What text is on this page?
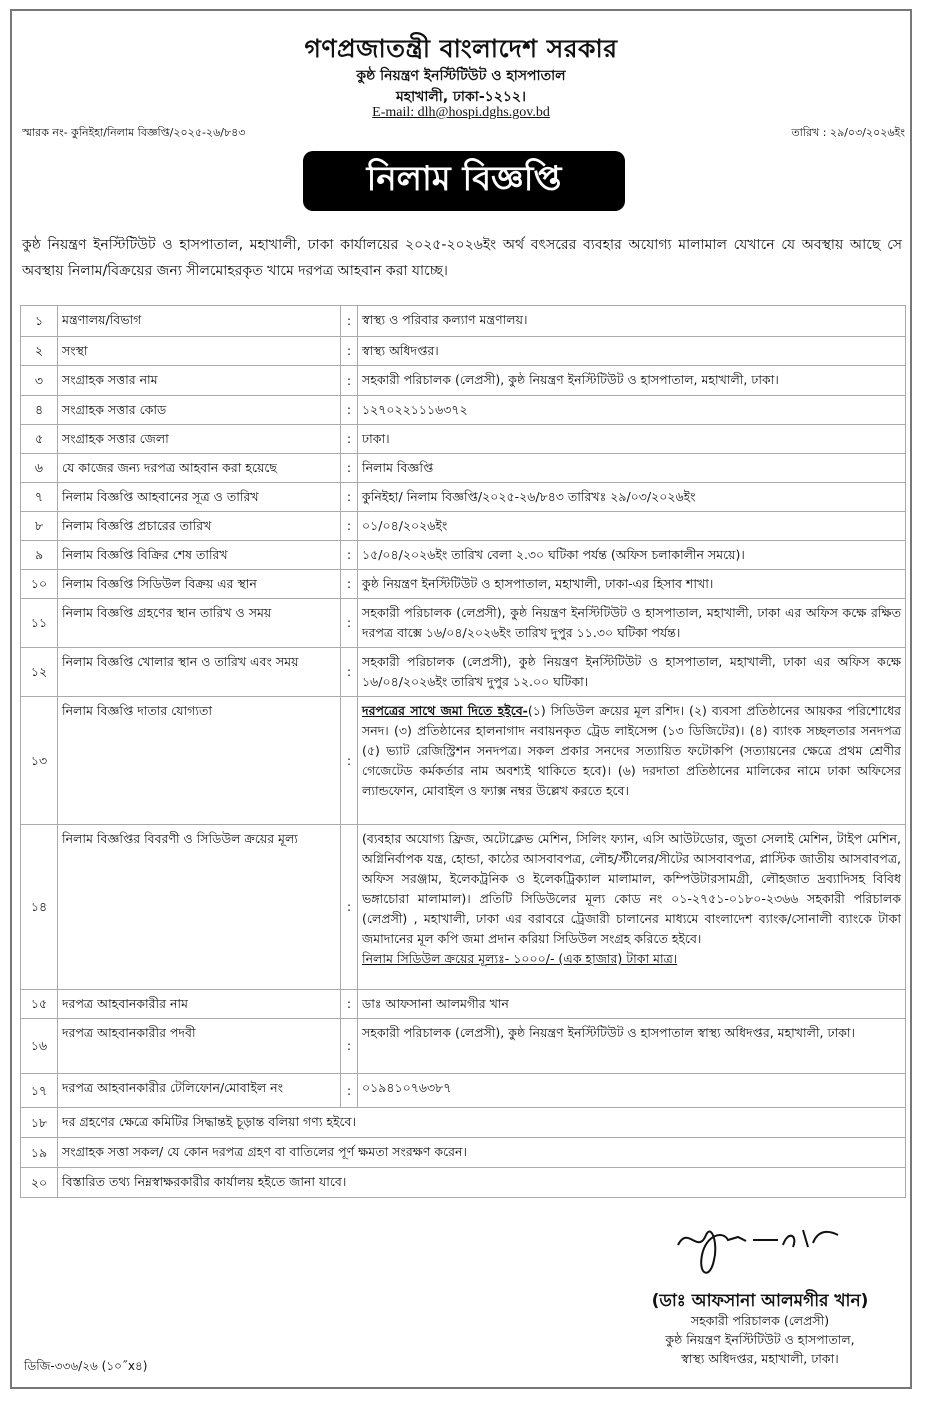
গণপ্রজাতন্ত্রী বাংলাদেশ সরকার
কুষ্ঠ নিয়ন্ত্রণ ইনস্টিটিউট ও হাসপাতাল
মহাখালী, ঢাকা-১২১২।
E-mail: dlh@hospi.dghs.gov.bd
স্মারক নং- কুনিইহা/নিলাম বিজ্ঞপ্তি/২০২৫-২৬/৮৪৩	তারিখ : ২৯/০৩/২০২৬ইং
নিলাম বিজ্ঞপ্তি
কুষ্ঠ নিয়ন্ত্রণ ইনস্টিটিউট ও হাসপাতাল, মহাখালী, ঢাকা কার্যালয়ের ২০২৫-২০২৬ইং অর্থ বৎসরের ব্যবহার অযোগ্য মালামাল যেখানে যে অবস্থায় আছে সে অবস্থায় নিলাম/বিক্রয়ের জন্য সীলমোহরকৃত খামে দরপত্র আহবান করা যাচ্ছে।
১	মন্ত্রণালয়/বিভাগ	:	স্বাস্থ্য ও পরিবার কল্যাণ মন্ত্রণালয়।
২	সংস্থা	:	স্বাস্থ্য অধিদপ্তর।
৩	সংগ্রাহক সত্তার নাম	:	সহকারী পরিচালক (লেপ্রসী), কুষ্ঠ নিয়ন্ত্রণ ইনস্টিটিউট ও হাসপাতাল, মহাখালী, ঢাকা।
৪	সংগ্রাহক সত্তার কোড	:	১২৭০২২১১১৬৩৭২
৫	সংগ্রাহক সত্তার জেলা	:	ঢাকা।
৬	যে কাজের জন্য দরপত্র আহবান করা হয়েছে	:	নিলাম বিজ্ঞপ্তি
৭	নিলাম বিজ্ঞপ্তি আহবানের সূত্র ও তারিখ	:	কুনিইহা/ নিলাম বিজ্ঞপ্তি/২০২৫-২৬/৮৪৩ তারিখঃ ২৯/০৩/২০২৬ইং
৮	নিলাম বিজ্ঞপ্তি প্রচারের তারিখ	:	০১/০৪/২০২৬ইং
৯	নিলাম বিজ্ঞপ্তি বিক্রির শেষ তারিখ	:	১৫/০৪/২০২৬ইং তারিখ বেলা ২.৩০ ঘটিকা পর্যন্ত (অফিস চলাকালীন সময়ে)।
১০	নিলাম বিজ্ঞপ্তি সিডিউল বিক্রয় এর স্থান	:	কুষ্ঠ নিয়ন্ত্রণ ইনস্টিটিউট ও হাসপাতাল, মহাখালী, ঢাকা-এর হিসাব শাখা।
১১	নিলাম বিজ্ঞপ্তি গ্রহণের স্থান তারিখ ও সময়	:	সহকারী পরিচালক (লেপ্রসী), কুষ্ঠ নিয়ন্ত্রণ ইনস্টিটিউট ও হাসপাতাল, মহাখালী, ঢাকা এর অফিস কক্ষে রক্ষিত দরপত্র বাক্সে ১৬/০৪/২০২৬ইং তারিখ দুপুর ১১.৩০ ঘটিকা পর্যন্ত।
১২	নিলাম বিজ্ঞপ্তি খোলার স্থান ও তারিখ এবং সময়	:	সহকারী পরিচালক (লেপ্রসী), কুষ্ঠ নিয়ন্ত্রণ ইনস্টিটিউট ও হাসপাতাল, মহাখালী, ঢাকা এর অফিস কক্ষে ১৬/০৪/২০২৬ইং তারিখ দুপুর ১২.০০ ঘটিকা।
১৩	নিলাম বিজ্ঞপ্তি দাতার যোগ্যতা	:	দরপত্রের সাথে জমা দিতে হইবে-(১) সিডিউল ক্রয়ের মূল রশিদ। (২) ব্যবসা প্রতিষ্ঠানের আয়কর পরিশোধের সনদ। (৩) প্রতিষ্ঠানের হালনাগাদ নবায়নকৃত ট্রেড লাইসেন্স (১৩ ডিজিটের)। (৪) ব্যাংক সচ্ছলতার সনদপত্র (৫) ভ্যাট রেজিস্ট্রিশন সনদপত্র। সকল প্রকার সনদের সত্যায়িত ফটোকপি (সত্যায়নের ক্ষেত্রে প্রথম শ্রেণীর গেজেটেড কর্মকর্তার নাম অবশ্যই থাকিতে হবে)। (৬) দরদাতা প্রতিষ্ঠানের মালিকের নামে ঢাকা অফিসের ল্যান্ডফোন, মোবাইল ও ফ্যাক্স নম্বর উল্লেখ করতে হবে।
১৪	নিলাম বিজ্ঞপ্তির বিবরণী ও সিডিউল ক্রয়ের মূল্য	:	(ব্যবহার অযোগ্য ফ্রিজ, অটোক্লেভ মেশিন, সিলিং ফ্যান, এসি আউটডোর, জুতা সেলাই মেশিন, টাইপ মেশিন, অগ্নিনির্বাপক যন্ত্র, হোন্ডা, কাঠের আসবাবপত্র, লৌহ/স্টীলের/সীটের আসবাবপত্র, প্লাস্টিক জাতীয় আসবাবপত্র, অফিস সরঞ্জাম, ইলেকট্রনিক ও ইলেকট্রিক্যাল মালামাল, কম্পিউটারসামগ্রী, লৌহজাত দ্রব্যাদিসহ বিবিধ ভঙ্গাচোরা মালামাল)। প্রতিটি সিডিউলের মূল্য কোড নং ০১-২৭৫১-০১৮০-২৩৬৬ সহকারী পরিচালক (লেপ্রসী) , মহাখালী, ঢাকা এর বরাবরে ট্রেজারী চালানের মাধ্যমে বাংলাদেশ ব্যাংক/সোনালী ব্যাংকে টাকা জমাদানের মূল কপি জমা প্রদান করিয়া সিডিউল সংগ্রহ করিতে হইবে।
নিলাম সিডিউল ক্রয়ের মূল্যঃ- ১০০০/- (এক হাজার) টাকা মাত্র।
১৫	দরপত্র আহবানকারীর নাম	:	ডাঃ আফসানা আলমগীর খান
১৬	দরপত্র আহবানকারীর পদবী	:	সহকারী পরিচালক (লেপ্রসী), কুষ্ঠ নিয়ন্ত্রণ ইনস্টিটিউট ও হাসপাতাল স্বাস্থ্য অধিদপ্তর, মহাখালী, ঢাকা।
১৭	দরপত্র আহবানকারীর টেলিফোন/মোবাইল নং	:	০১৯৪১০৭৬৩৮৭
১৮	দর গ্রহণের ক্ষেত্রে কমিটির সিদ্ধান্তই চূড়ান্ত বলিয়া গণ্য হইবে।		
১৯	সংগ্রাহক সত্তা সকল/ যে কোন দরপত্র গ্রহণ বা বাতিলের পূর্ণ ক্ষমতা সংরক্ষণ করেন।		
২০	বিস্তারিত তথ্য নিম্নস্বাক্ষরকারীর কার্যালয় হইতে জানা যাবে।		
(ডাঃ আফসানা আলমগীর খান)
সহকারী পরিচালক (লেপ্রসী)
কুষ্ঠ নিয়ন্ত্রণ ইনস্টিটিউট ও হাসপাতাল,
স্বাস্থ্য অধিদপ্তর, মহাখালী, ঢাকা।
ডিজি-৩৩৬/২৬ (১০˝x৪)
